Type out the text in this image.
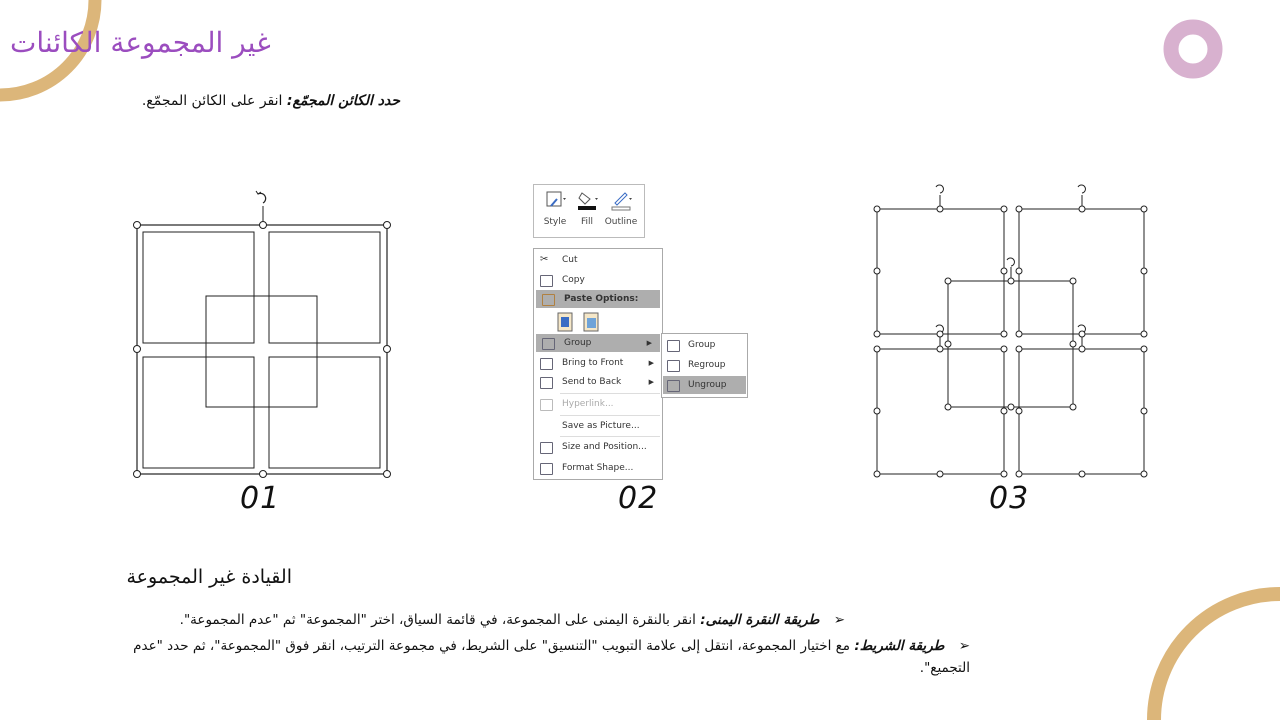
غير المجموعة الكائنات
حدد الكائن المجمّع: انقر على الكائن المجمّع.
01
Style	Fill	Outline
✂ Cut
Copy
Paste Options:
Group	▶
Bring to Front	▶
Send to Back	▶
Hyperlink...
Save as Picture...
Size and Position...
Format Shape...
Group
Regroup
Ungroup
02	03
القيادة غير المجموعة
➢ طريقة النقرة اليمنى: انقر بالنقرة اليمنى على المجموعة، في قائمة السياق، اختر "المجموعة" ثم "عدم المجموعة".
➢ طريقة الشريط: مع اختيار المجموعة، انتقل إلى علامة التبويب "التنسيق" على الشريط، في مجموعة الترتيب، انقر فوق "المجموعة"، ثم حدد "عدم التجميع".
